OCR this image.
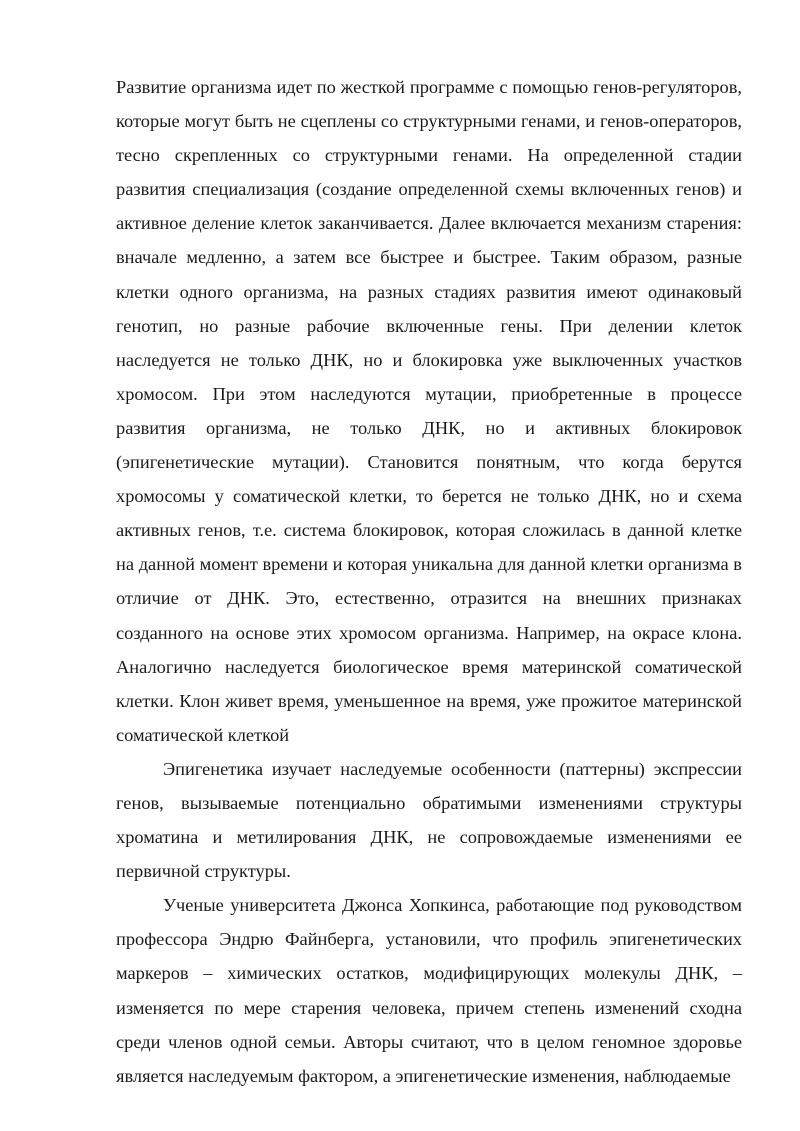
Развитие организма идет по жесткой программе с помощью генов-регуляторов, которые могут быть не сцеплены со структурными генами, и генов-операторов, тесно скрепленных со структурными генами. На определенной стадии развития специализация (создание определенной схемы включенных генов) и активное деление клеток заканчивается. Далее включается механизм старения: вначале медленно, а затем все быстрее и быстрее. Таким образом, разные клетки одного организма, на разных стадиях развития имеют одинаковый генотип, но разные рабочие включенные гены. При делении клеток наследуется не только ДНК, но и блокировка уже выключенных участков хромосом. При этом наследуются мутации, приобретенные в процессе развития организма, не только ДНК, но и активных блокировок (эпигенетические мутации). Становится понятным, что когда берутся хромосомы у соматической клетки, то берется не только ДНК, но и схема активных генов, т.е. система блокировок, которая сложилась в данной клетке на данной момент времени и которая уникальна для данной клетки организма в отличие от ДНК. Это, естественно, отразится на внешних признаках созданного на основе этих хромосом организма. Например, на окрасе клона. Аналогично наследуется биологическое время материнской соматической клетки. Клон живет время, уменьшенное на время, уже прожитое материнской соматической клеткой

Эпигенетика изучает наследуемые особенности (паттерны) экспрессии генов, вызываемые потенциально обратимыми изменениями структуры хроматина и метилирования ДНК, не сопровождаемые изменениями ее первичной структуры.

Ученые университета Джонса Хопкинса, работающие под руководством профессора Эндрю Файнберга, установили, что профиль эпигенетических маркеров – химических остатков, модифицирующих молекулы ДНК, – изменяется по мере старения человека, причем степень изменений сходна среди членов одной семьи. Авторы считают, что в целом геномное здоровье является наследуемым фактором, а эпигенетические изменения, наблюдаемые
